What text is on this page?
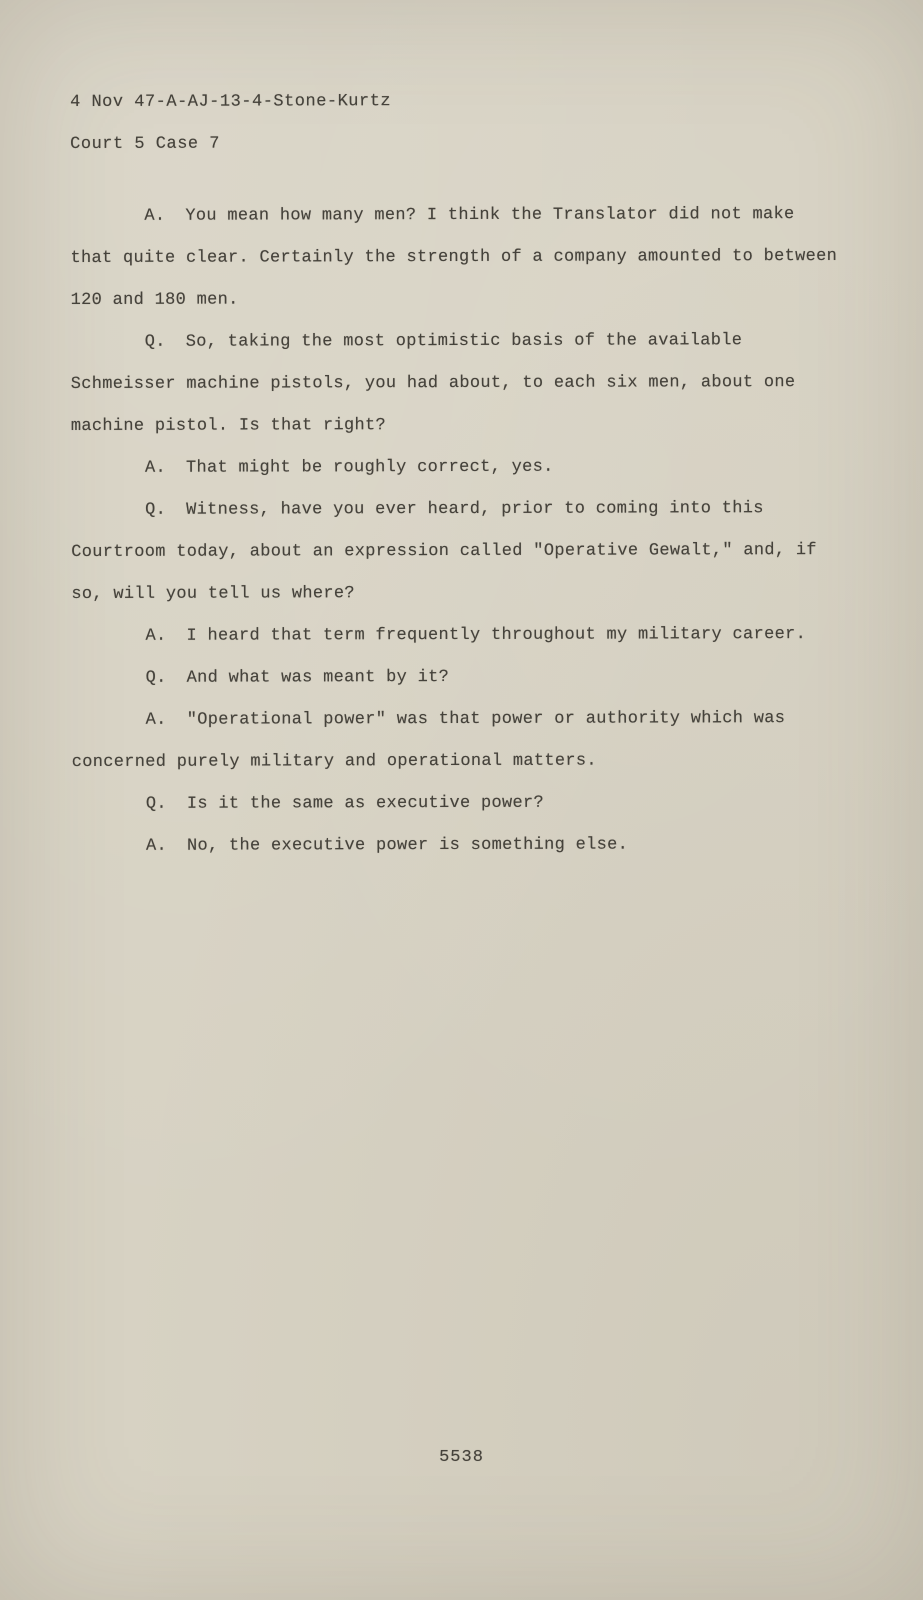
4 Nov 47-A-AJ-13-4-Stone-Kurtz
Court 5 Case 7

A. You mean how many men? I think the Translator did not make that quite clear. Certainly the strength of a company amounted to between 120 and 180 men.

Q. So, taking the most optimistic basis of the available Schmeisser machine pistols, you had about, to each six men, about one machine pistol. Is that right?

A. That might be roughly correct, yes.

Q. Witness, have you ever heard, prior to coming into this Courtroom today, about an expression called "Operative Gewalt," and, if so, will you tell us where?

A. I heard that term frequently throughout my military career.

Q. And what was meant by it?

A. "Operational power" was that power or authority which was concerned purely military and operational matters.

Q. Is it the same as executive power?

A. No, the executive power is something else.

5538
